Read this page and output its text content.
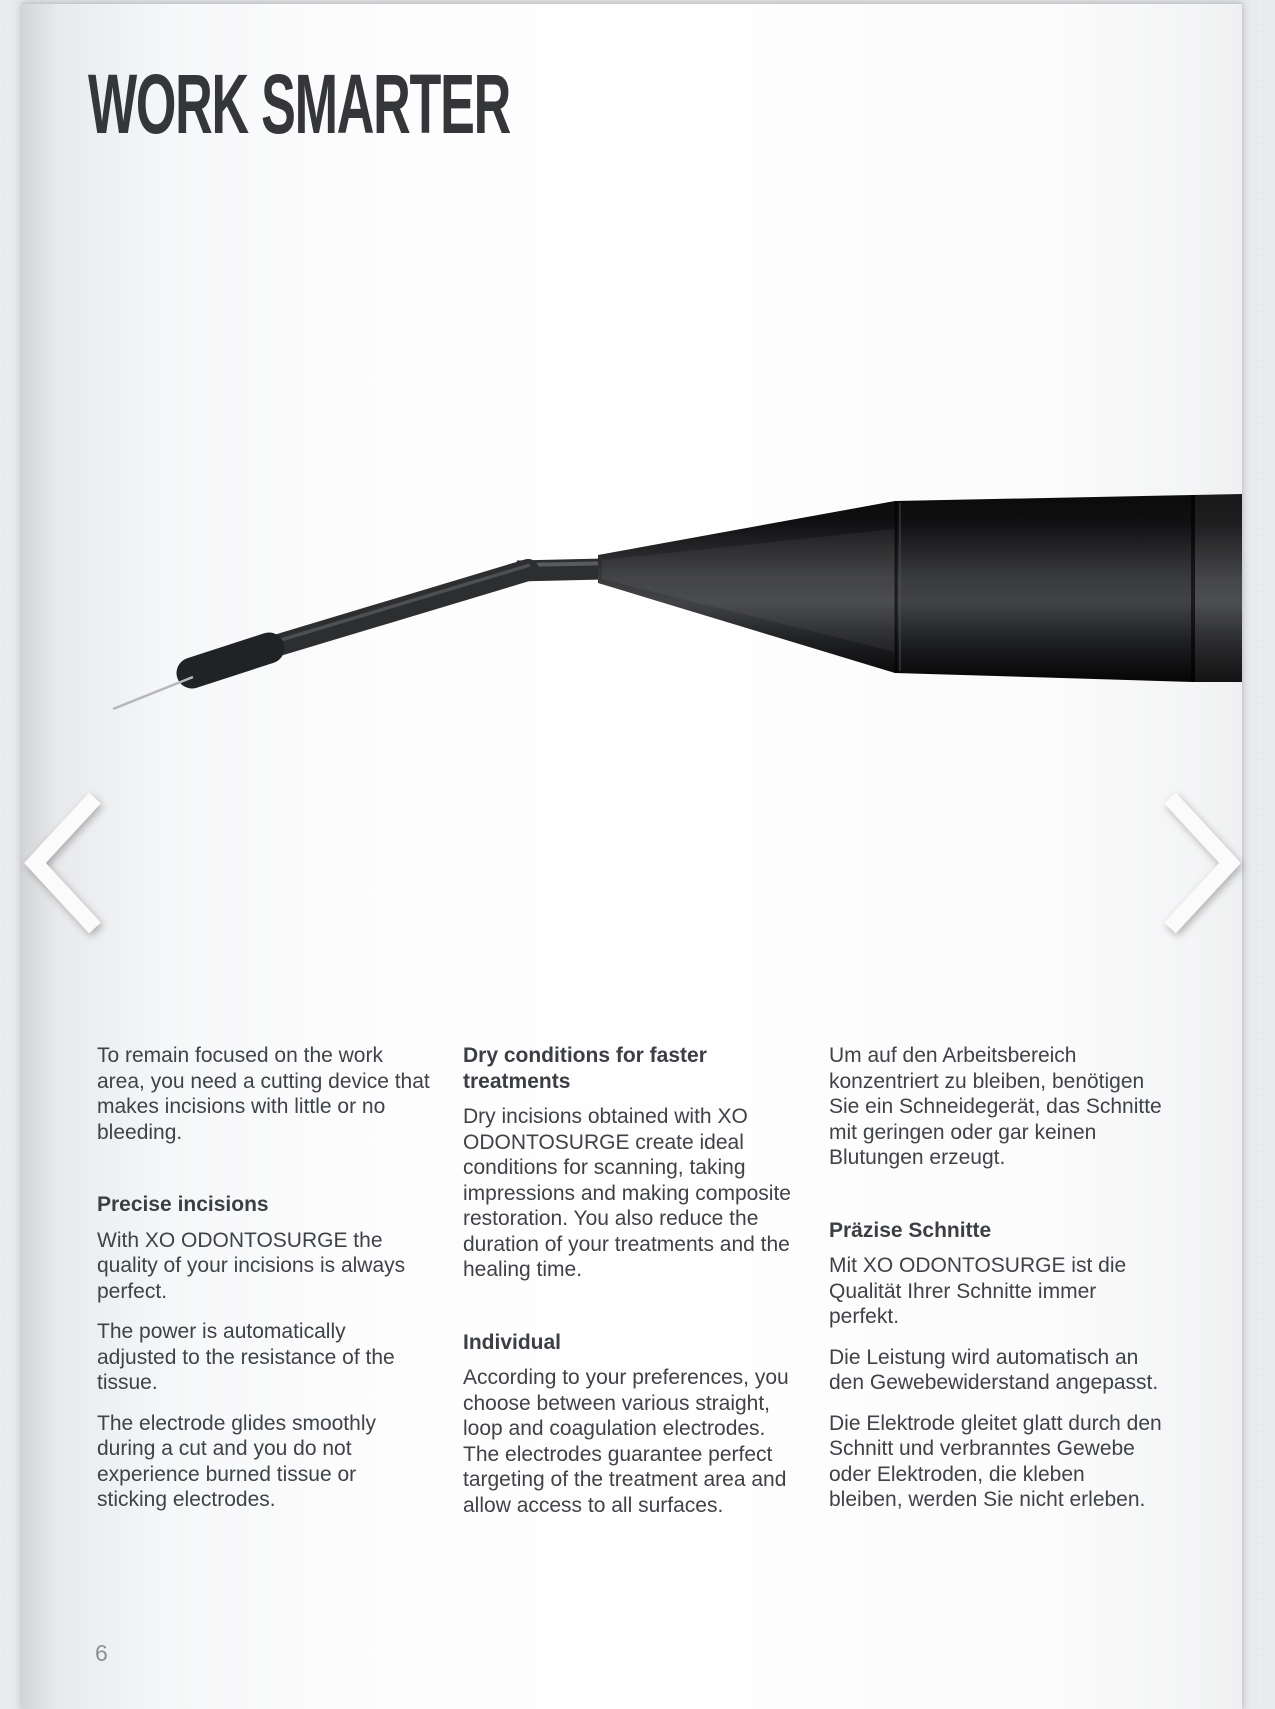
WORK SMARTER

To remain focused on the work area, you need a cutting device that makes incisions with little or no bleeding.

Precise incisions

With XO ODONTOSURGE the quality of your incisions is always perfect.

The power is automatically adjusted to the resistance of the tissue.

The electrode glides smoothly during a cut and you do not experience burned tissue or sticking electrodes.

Dry conditions for faster treatments

Dry incisions obtained with XO ODONTOSURGE create ideal conditions for scanning, taking impressions and making composite restoration. You also reduce the duration of your treatments and the healing time.

Individual

According to your preferences, you choose between various straight, loop and coagulation electrodes. The electrodes guarantee perfect targeting of the treatment area and allow access to all surfaces.

Um auf den Arbeitsbereich konzentriert zu bleiben, benötigen Sie ein Schneidegerät, das Schnitte mit geringen oder gar keinen Blutungen erzeugt.

Präzise Schnitte

Mit XO ODONTOSURGE ist die Qualität Ihrer Schnitte immer perfekt.

Die Leistung wird automatisch an den Gewebewiderstand angepasst.

Die Elektrode gleitet glatt durch den Schnitt und verbranntes Gewebe oder Elektroden, die kleben bleiben, werden Sie nicht erleben.

6
